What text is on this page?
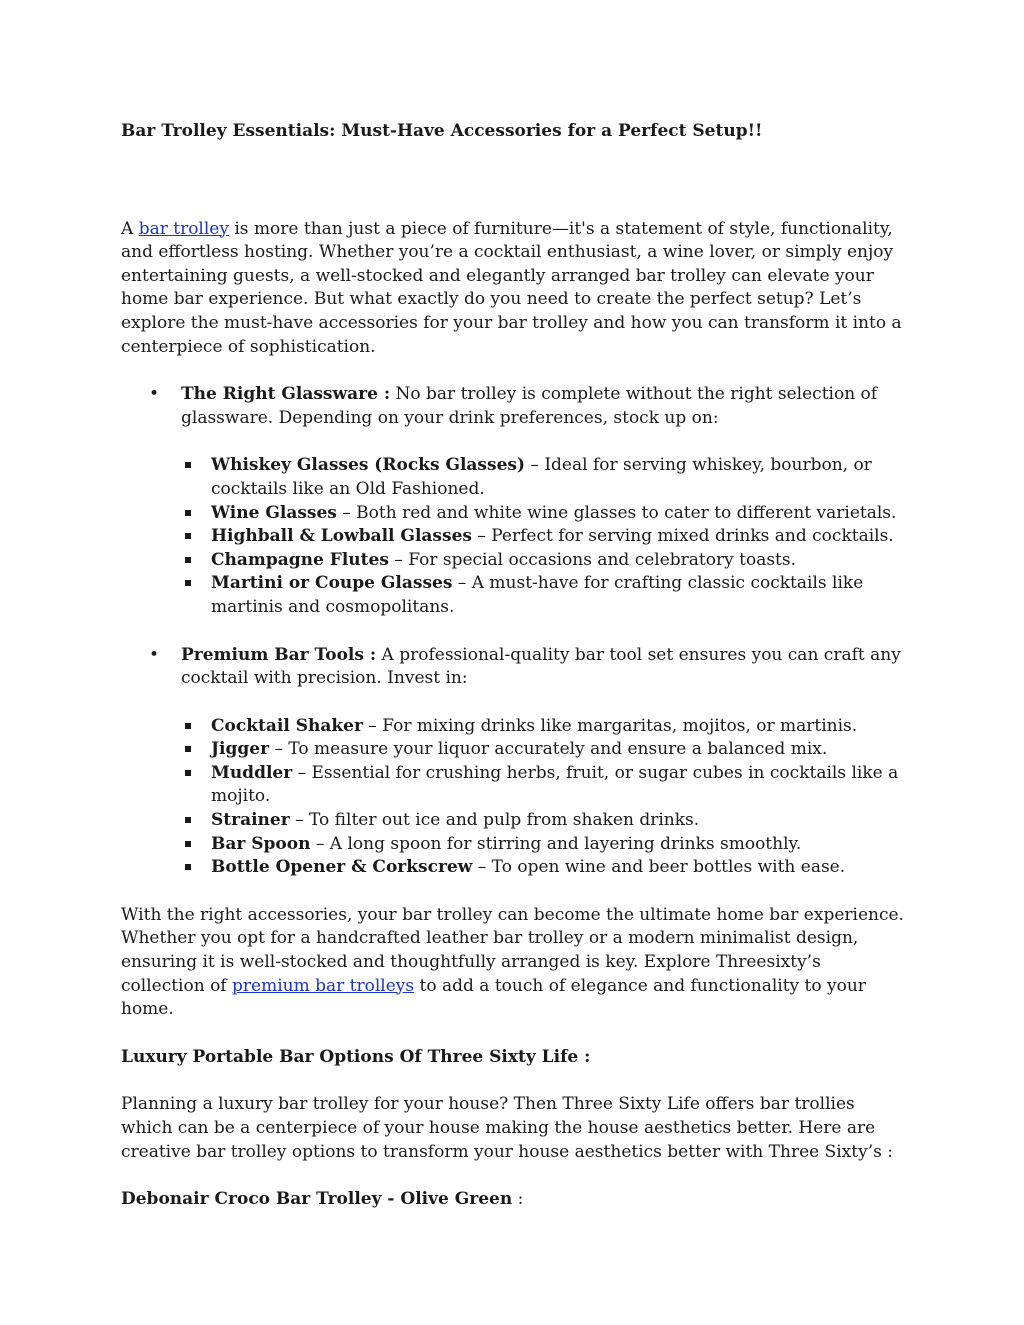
Bar Trolley Essentials: Must-Have Accessories for a Perfect Setup!!

A bar trolley is more than just a piece of furniture—it's a statement of style, functionality, and effortless hosting. Whether you’re a cocktail enthusiast, a wine lover, or simply enjoy entertaining guests, a well-stocked and elegantly arranged bar trolley can elevate your home bar experience. But what exactly do you need to create the perfect setup? Let’s explore the must-have accessories for your bar trolley and how you can transform it into a centerpiece of sophistication.

• The Right Glassware : No bar trolley is complete without the right selection of glassware. Depending on your drink preferences, stock up on:

Whiskey Glasses (Rocks Glasses) – Ideal for serving whiskey, bourbon, or cocktails like an Old Fashioned.
Wine Glasses – Both red and white wine glasses to cater to different varietals.
Highball & Lowball Glasses – Perfect for serving mixed drinks and cocktails.
Champagne Flutes – For special occasions and celebratory toasts.
Martini or Coupe Glasses – A must-have for crafting classic cocktails like martinis and cosmopolitans.

• Premium Bar Tools : A professional-quality bar tool set ensures you can craft any cocktail with precision. Invest in:

Cocktail Shaker – For mixing drinks like margaritas, mojitos, or martinis.
Jigger – To measure your liquor accurately and ensure a balanced mix.
Muddler – Essential for crushing herbs, fruit, or sugar cubes in cocktails like a mojito.
Strainer – To filter out ice and pulp from shaken drinks.
Bar Spoon – A long spoon for stirring and layering drinks smoothly.
Bottle Opener & Corkscrew – To open wine and beer bottles with ease.

With the right accessories, your bar trolley can become the ultimate home bar experience. Whether you opt for a handcrafted leather bar trolley or a modern minimalist design, ensuring it is well-stocked and thoughtfully arranged is key. Explore Threesixty’s collection of premium bar trolleys to add a touch of elegance and functionality to your home.

Luxury Portable Bar Options Of Three Sixty Life :

Planning a luxury bar trolley for your house? Then Three Sixty Life offers bar trollies which can be a centerpiece of your house making the house aesthetics better. Here are creative bar trolley options to transform your house aesthetics better with Three Sixty’s :

Debonair Croco Bar Trolley - Olive Green :
